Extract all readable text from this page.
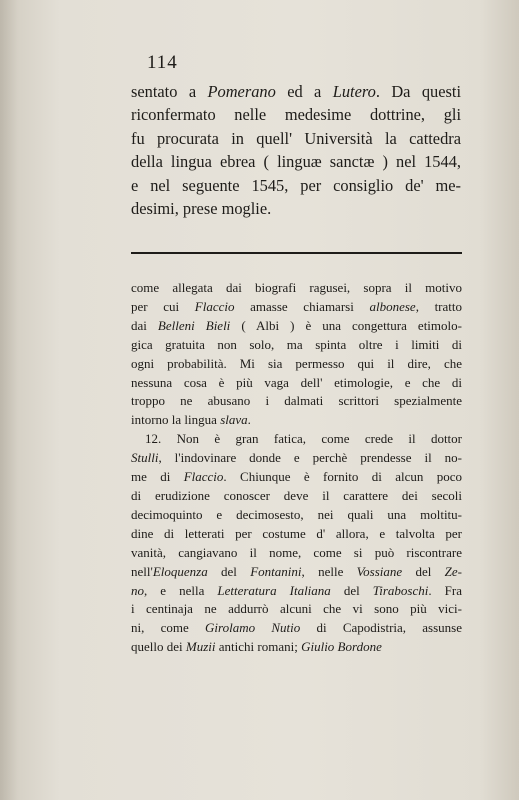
114
sentato a Pomerano ed a Lutero. Da questi
riconfermato nelle medesime dottrine, gli
fu procurata in quell' Università la cattedra
della lingua ebrea ( linguæ sanctæ ) nel 1544,
e nel seguente 1545, per consiglio de' me-
desimi, prese moglie.
come allegata dai biografi ragusei, sopra il motivo
per cui Flaccio amasse chiamarsi albonese, tratto
dai Belleni Bieli ( Albi ) è una congettura etimolo-
gica gratuita non solo, ma spinta oltre i limiti di
ogni probabilità. Mi sia permesso qui il dire, che
nessuna cosa è più vaga dell' etimologie, e che di
troppo ne abusano i dalmati scrittori spezialmente
intorno la lingua slava.
12. Non è gran fatica, come crede il dottor
Stulli, l'indovinare donde e perchè prendesse il no-
me di Flaccio. Chiunque è fornito di alcun poco
di erudizione conoscer deve il carattere dei secoli
decimoquinto e decimosesto, nei quali una moltitu-
dine di letterati per costume d' allora, e talvolta per
vanità, cangiavano il nome, come si può riscontrare
nell'Eloquenza del Fontanini, nelle Vossiane del Ze-
no, e nella Letteratura Italiana del Tiraboschi. Fra
i centinaja ne addurrò alcuni che vi sono più vici-
ni, come Girolamo Nutio di Capodistria, assunse
quello dei Muzii antichi romani; Giulio Bordone
